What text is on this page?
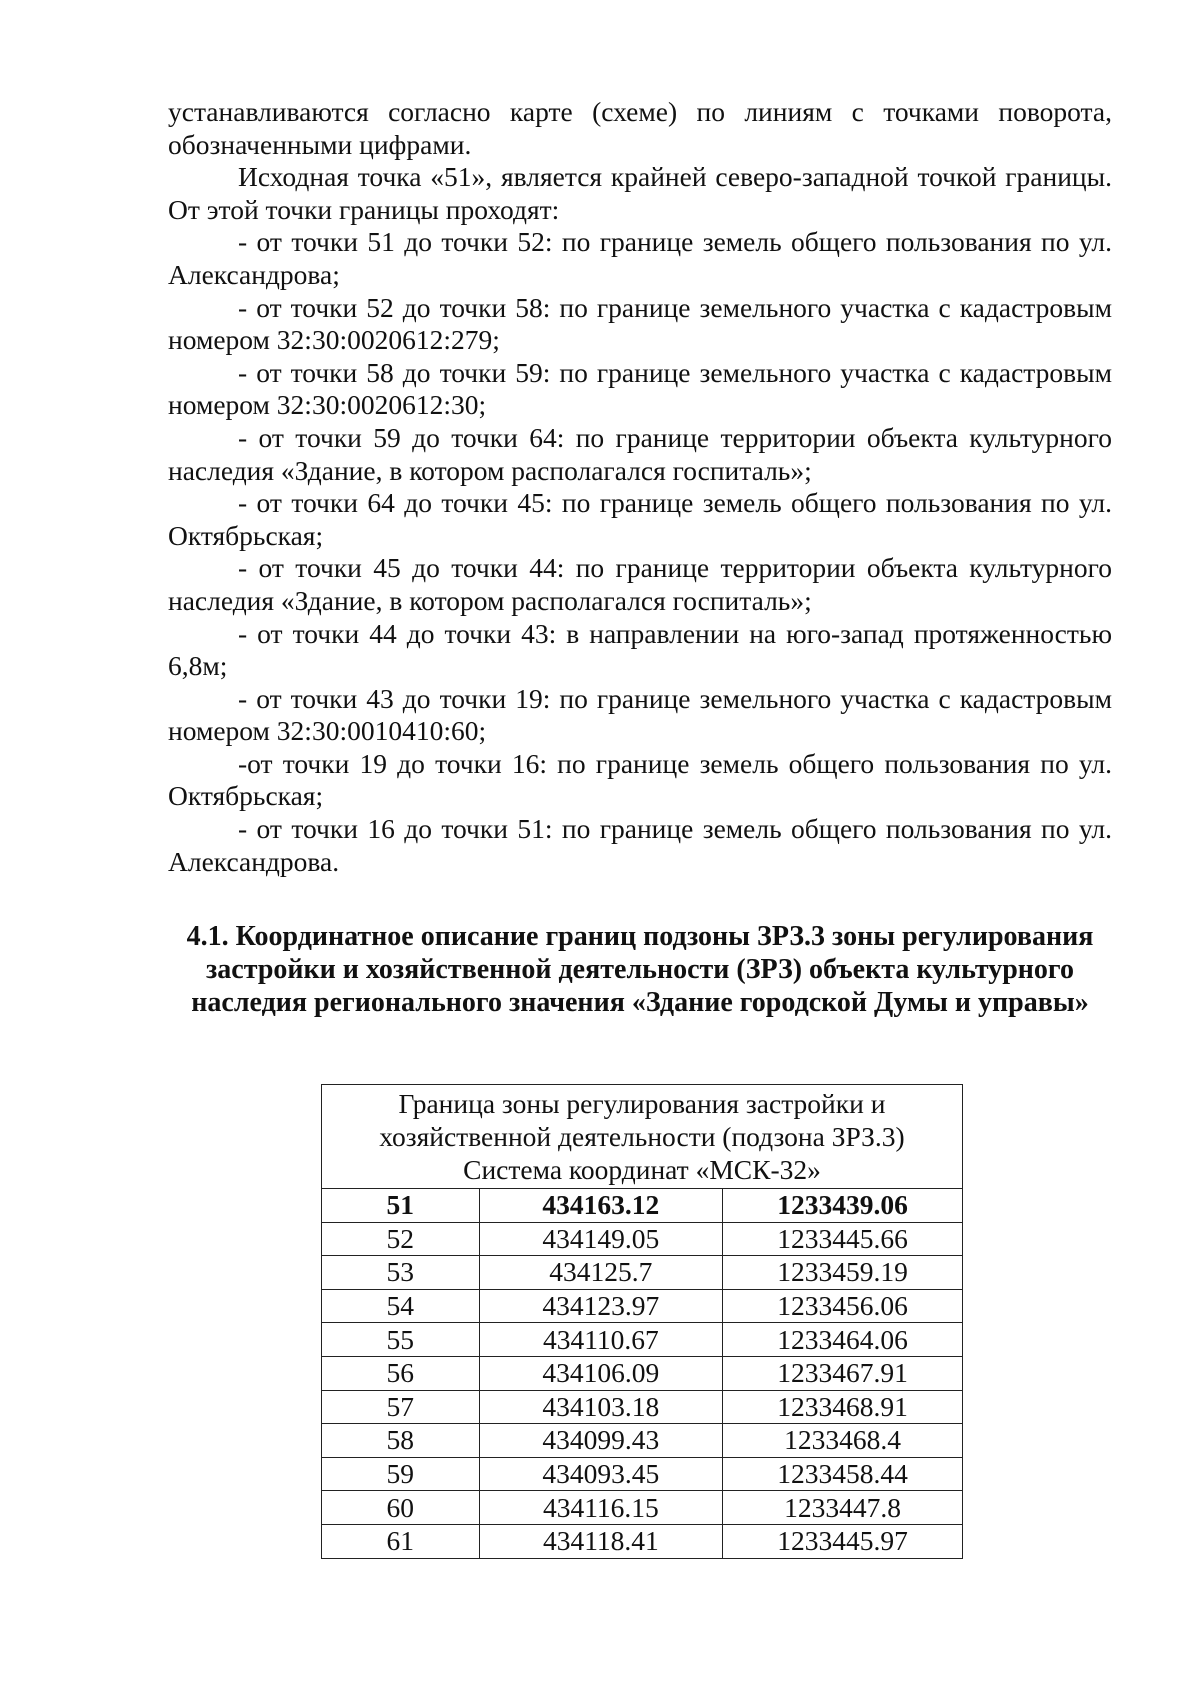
устанавливаются согласно карте (схеме) по линиям с точками поворота, обозначенными цифрами.

Исходная точка «51», является крайней северо-западной точкой границы. От этой точки границы проходят:

- от точки 51 до точки 52: по границе земель общего пользования по ул. Александрова;

- от точки 52 до точки 58: по границе земельного участка с кадастровым номером 32:30:0020612:279;

- от точки 58 до точки 59: по границе земельного участка с кадастровым номером 32:30:0020612:30;

- от точки 59 до точки 64: по границе территории объекта культурного наследия «Здание, в котором располагался госпиталь»;

- от точки 64 до точки 45: по границе земель общего пользования по ул. Октябрьская;

- от точки 45 до точки 44: по границе территории объекта культурного наследия «Здание, в котором располагался госпиталь»;

- от точки 44 до точки 43: в направлении на юго-запад протяженностью 6,8м;

- от точки 43 до точки 19: по границе земельного участка с кадастровым номером 32:30:0010410:60;

-от точки 19 до точки 16: по границе земель общего пользования по ул. Октябрьская;

- от точки 16 до точки 51: по границе земель общего пользования по ул. Александрова.

4.1. Координатное описание границ подзоны ЗРЗ.3 зоны регулирования застройки и хозяйственной деятельности (ЗРЗ) объекта культурного наследия регионального значения «Здание городской Думы и управы»
Граница зоны регулирования застройки и хозяйственной деятельности (подзона ЗРЗ.3) Система координат «МСК-32»		
51	434163.12	1233439.06
52	434149.05	1233445.66
53	434125.7	1233459.19
54	434123.97	1233456.06
55	434110.67	1233464.06
56	434106.09	1233467.91
57	434103.18	1233468.91
58	434099.43	1233468.4
59	434093.45	1233458.44
60	434116.15	1233447.8
61	434118.41	1233445.97
